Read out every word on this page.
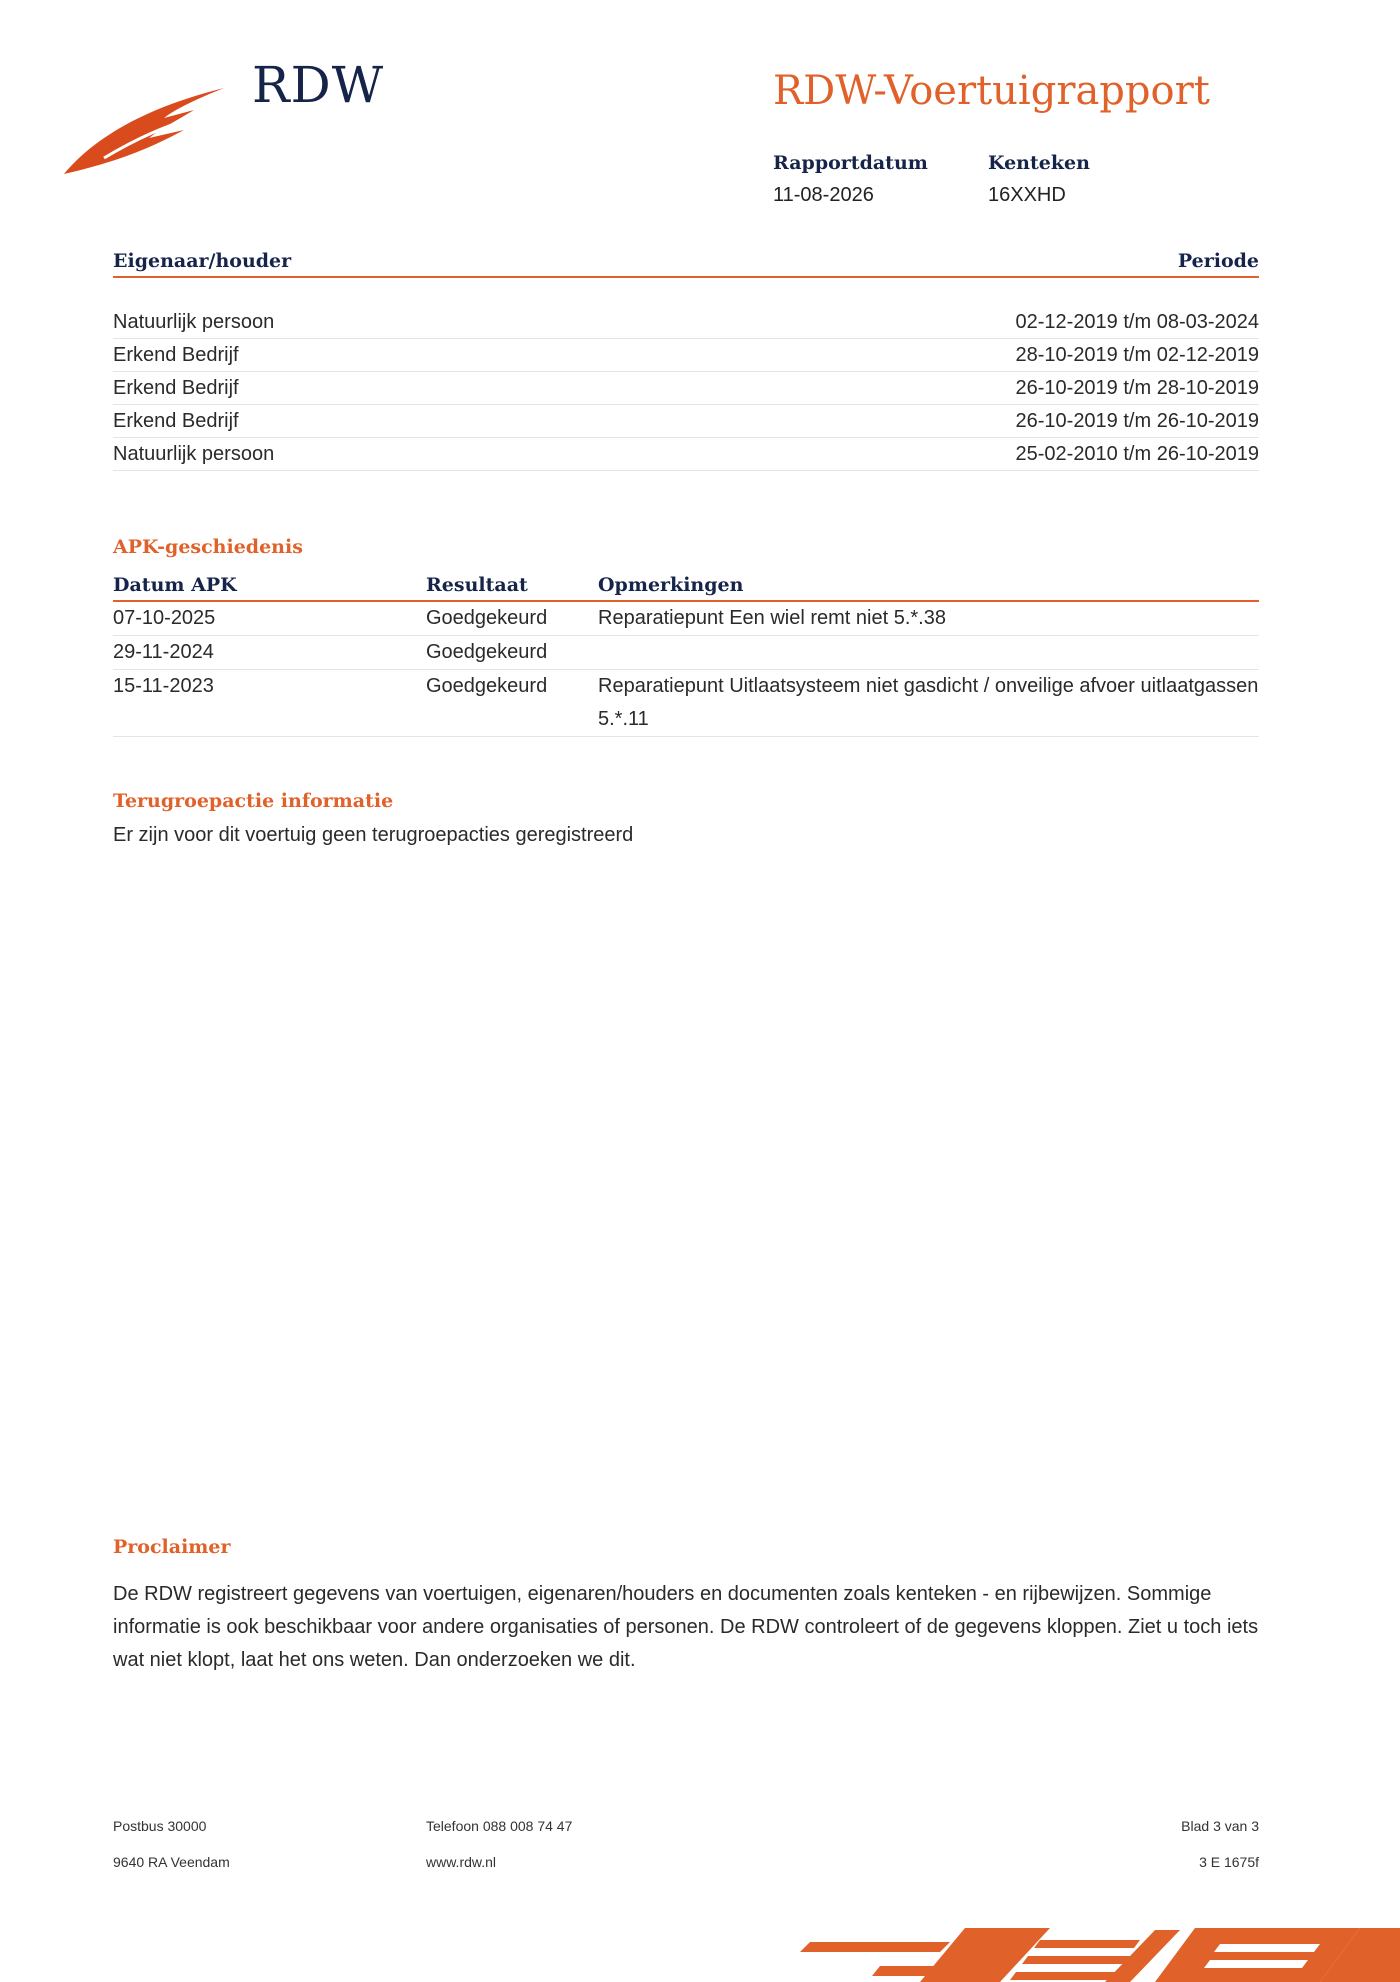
RDW	RDW-Voertuigrapport
Rapportdatum
11-08-2026
Kenteken
16XXHD
Eigenaar/houder	Periode
Natuurlijk persoon	02-12-2019 t/m 08-03-2024
Erkend Bedrijf	28-10-2019 t/m 02-12-2019
Erkend Bedrijf	26-10-2019 t/m 28-10-2019
Erkend Bedrijf	26-10-2019 t/m 26-10-2019
Natuurlijk persoon	25-02-2010 t/m 26-10-2019
APK-geschiedenis
Datum APK	Resultaat	Opmerkingen
07-10-2025	Goedgekeurd	Reparatiepunt Een wiel remt niet 5.*.38
29-11-2024	Goedgekeurd
15-11-2023	Goedgekeurd	Reparatiepunt Uitlaatsysteem niet gasdicht / onveilige afvoer uitlaatgassen 5.*.11
Terugroepactie informatie
Er zijn voor dit voertuig geen terugroepacties geregistreerd
Proclaimer
De RDW registreert gegevens van voertuigen, eigenaren/houders en documenten zoals kenteken - en rijbewijzen. Sommige informatie is ook beschikbaar voor andere organisaties of personen. De RDW controleert of de gegevens kloppen. Ziet u toch iets wat niet klopt, laat het ons weten. Dan onderzoeken we dit.
Postbus 30000
9640 RA Veendam
Telefoon 088 008 74 47
www.rdw.nl
Blad 3 van 3
3 E 1675f
